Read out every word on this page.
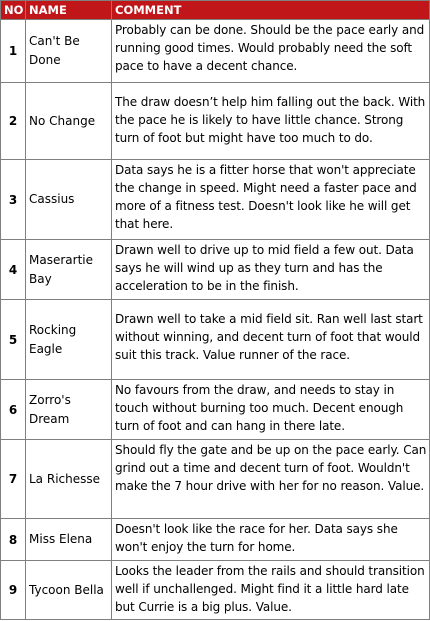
NO	NAME	COMMENT
1	Can't Be Done	Probably can be done. Should be the pace early and running good times. Would probably need the soft pace to have a decent chance.
2	No Change	The draw doesn’t help him falling out the back. With the pace he is likely to have little chance. Strong turn of foot but might have too much to do.
3	Cassius	Data says he is a fitter horse that won't appreciate the change in speed. Might need a faster pace and more of a fitness test. Doesn't look like he will get that here.
4	Maserartie Bay	Drawn well to drive up to mid field a few out. Data says he will wind up as they turn and has the acceleration to be in the finish.
5	Rocking Eagle	Drawn well to take a mid field sit. Ran well last start without winning, and decent turn of foot that would suit this track. Value runner of the race.
6	Zorro's Dream	No favours from the draw, and needs to stay in touch without burning too much. Decent enough turn of foot and can hang in there late.
7	La Richesse	Should fly the gate and be up on the pace early. Can grind out a time and decent turn of foot. Wouldn't make the 7 hour drive with her for no reason. Value.
8	Miss Elena	Doesn't look like the race for her. Data says she won't enjoy the turn for home.
9	Tycoon Bella	Looks the leader from the rails and should transition well if unchallenged. Might find it a little hard late but Currie is a big plus. Value.
